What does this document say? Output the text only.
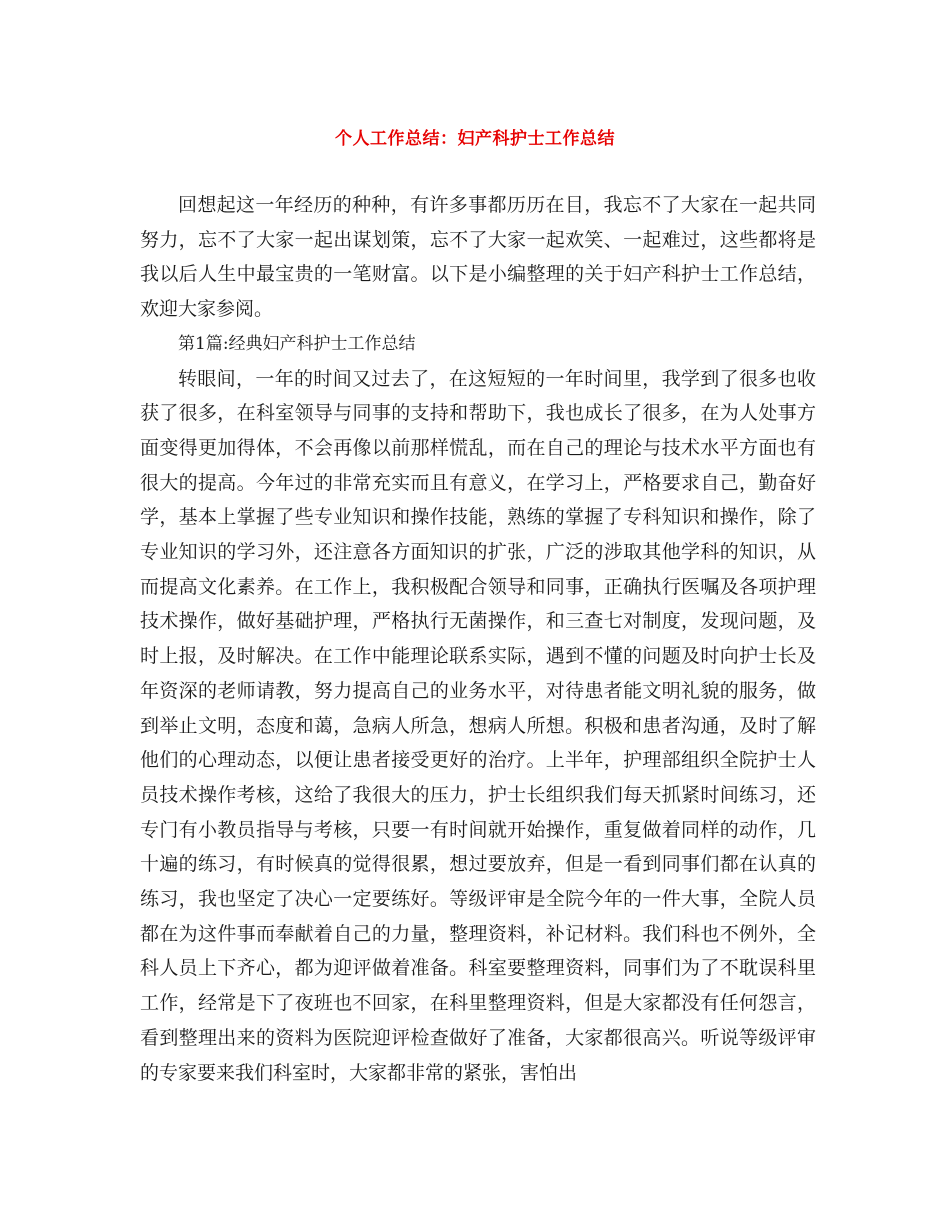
个人工作总结：妇产科护士工作总结

回想起这一年经历的种种，有许多事都历历在目，我忘不了大家在一起共同努力，忘不了大家一起出谋划策，忘不了大家一起欢笑、一起难过，这些都将是我以后人生中最宝贵的一笔财富。以下是小编整理的关于妇产科护士工作总结，欢迎大家参阅。

第1篇:经典妇产科护士工作总结

转眼间，一年的时间又过去了，在这短短的一年时间里，我学到了很多也收获了很多，在科室领导与同事的支持和帮助下，我也成长了很多，在为人处事方面变得更加得体，不会再像以前那样慌乱，而在自己的理论与技术水平方面也有很大的提高。今年过的非常充实而且有意义，在学习上，严格要求自己，勤奋好学，基本上掌握了些专业知识和操作技能，熟练的掌握了专科知识和操作，除了专业知识的学习外，还注意各方面知识的扩张，广泛的涉取其他学科的知识，从而提高文化素养。在工作上，我积极配合领导和同事，正确执行医嘱及各项护理技术操作，做好基础护理，严格执行无菌操作，和三查七对制度，发现问题，及时上报，及时解决。在工作中能理论联系实际，遇到不懂的问题及时向护士长及年资深的老师请教，努力提高自己的业务水平，对待患者能文明礼貌的服务，做到举止文明，态度和蔼，急病人所急，想病人所想。积极和患者沟通，及时了解他们的心理动态，以便让患者接受更好的治疗。上半年，护理部组织全院护士人员技术操作考核，这给了我很大的压力，护士长组织我们每天抓紧时间练习，还专门有小教员指导与考核，只要一有时间就开始操作，重复做着同样的动作，几十遍的练习，有时候真的觉得很累，想过要放弃，但是一看到同事们都在认真的练习，我也坚定了决心一定要练好。等级评审是全院今年的一件大事，全院人员都在为这件事而奉献着自己的力量，整理资料，补记材料。我们科也不例外，全科人员上下齐心，都为迎评做着准备。科室要整理资料，同事们为了不耽误科里工作，经常是下了夜班也不回家，在科里整理资料，但是大家都没有任何怨言，看到整理出来的资料为医院迎评检查做好了准备，大家都很高兴。听说等级评审的专家要来我们科室时，大家都非常的紧张，害怕出
